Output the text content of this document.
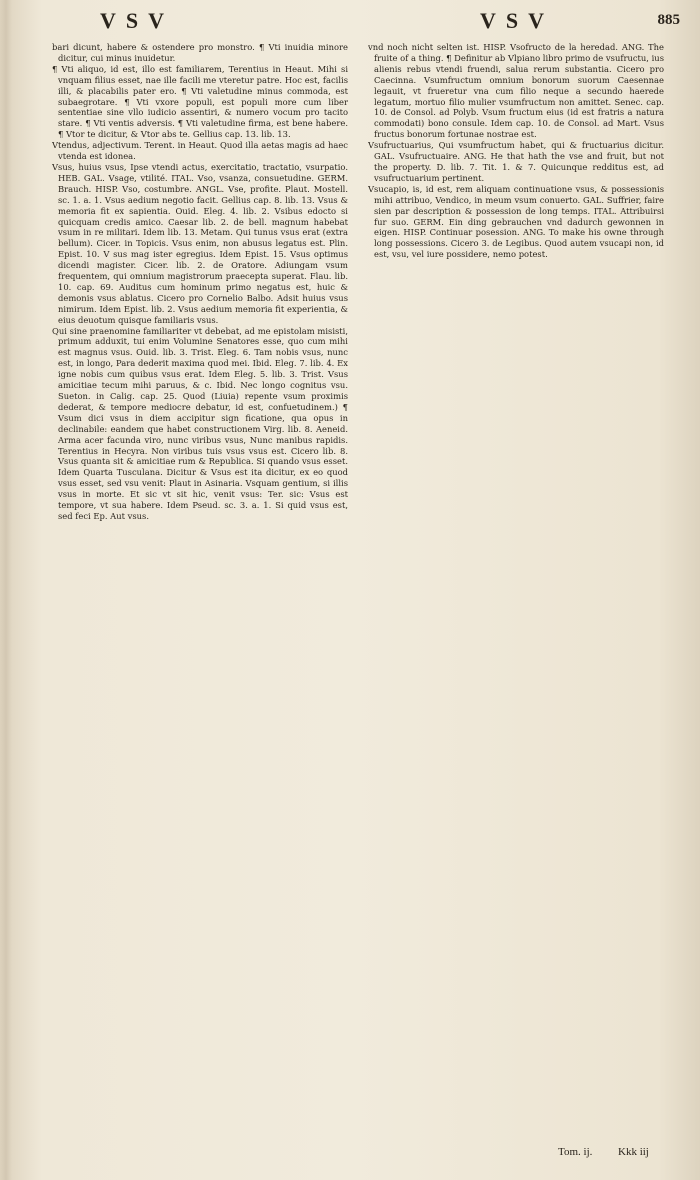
VSV	VSV	885

bari dicunt, habere & ostendere pro monstro. ¶ Vti inuidia minore dicitur, cui minus inuidetur.

¶ Vti aliquo, id est, illo est familiarem, Terentius in Heaut. Mihi si vnquam filius esset, nae ille facili me vteretur patre. Hoc est, facilis illi, & placabilis pater ero. ¶ Vti valetudine minus commoda, est subaegrotare. ¶ Vti vxore populi, est populi more cum liber sententiae sine vllo iudicio assentiri, & numero vocum pro tacito stare. ¶ Vti ventis adversis. ¶ Vti valetudine firma, est bene habere. ¶ Vtor te dicitur, & Vtor abs te. Gellius cap. 13. lib. 13.

Vtendus, adjectivum. Terent. in Heaut. Quod illa aetas magis ad haec vtenda est idonea.

Vsus, huius vsus, Ipse vtendi actus, exercitatio, tractatio, vsurpatio. HEB. GAL. Vsage, vtilité. ITAL. Vso, vsanza, consuetudine. GERM. Brauch. HISP. Vso, costumbre. ANGL. Vse, profite. Plaut. Mostell. sc. 1. a. 1. Vsus aedium negotio facit. Gellius cap. 8. lib. 13. Vsus & memoria fit ex sapientia. Ouid. Eleg. 4. lib. 2. Vsibus edocto si quicquam credis amico. Caesar lib. 2. de bell. magnum habebat vsum in re militari. Idem lib. 13. Metam. Qui tunus vsus erat (extra bellum). Cicer. in Topicis. Vsus enim, non abusus legatus est. Plin. Epist. 10. V sus mag ister egregius. Idem Epist. 15. Vsus optimus dicendi magister. Cicer. lib. 2. de Oratore. Adiungam vsum frequentem, qui omnium magistrorum praecepta superat. Flau. lib. 10. cap. 69. Auditus cum hominum primo negatus est, huic & demonis vsus ablatus. Cicero pro Cornelio Balbo. Adsit huius vsus nimirum. Idem Epist. lib. 2. Vsus aedium memoria fit experientia, & eius deuotum quisque familiaris vsus.

Qui sine praenomine familiariter vt debebat, ad me epistolam misisti, primum adduxit, tui enim Volumine Senatores esse, quo cum mihi est magnus vsus. Ouid. lib. 3. Trist. Eleg. 6. Tam nobis vsus, nunc est, in longo, Para dederit maxima quod mei. Ibid. Eleg. 7. lib. 4. Ex igne nobis cum quibus vsus erat. Idem Eleg. 5. lib. 3. Trist. Vsus amicitiae tecum mihi paruus, & c. Ibid. Nec longo cognitus vsu. Sueton. in Calig. cap. 25. Quod (Liuia) repente vsum proximis dederat, & tempore mediocre debatur, id est, confuetudinem.) ¶ Vsum dici vsus in diem accipitur sign ficatione, qua opus in declinabile: eandem que habet constructionem Virg. lib. 8. Aeneid. Arma acer facunda viro, nunc viribus vsus, Nunc manibus rapidis. Terentius in Hecyra. Non viribus tuis vsus vsus est. Cicero lib. 8. Vsus quanta sit & amicitiae rum & Republica. Si quando vsus esset. Idem Quarta Tusculana. Dicitur & Vsus est ita dicitur, ex eo quod vsus esset, sed vsu venit: Plaut in Asinaria. Vsquam gentium, si illis vsus in morte. Et sic vt sit hic, venit vsus: Ter. sic: Vsus est tempore, vt sua habere. Idem Pseud. sc. 3. a. 1. Si quid vsus est, sed feci Ep. Aut vsus.

vnd noch nicht selten ist. HISP. Vsofructo de la heredad. ANG. The fruite of a thing. ¶ Definitur ab Vlpiano libro primo de vsufructu, ius alienis rebus vtendi fruendi, salua rerum substantia. Cicero pro Caecinna. Vsumfructum omnium bonorum suorum Caesennae legauit, vt frueretur vna cum filio neque a secundo haerede legatum, mortuo filio mulier vsumfructum non amittet. Senec. cap. 10. de Consol. ad Polyb. Vsum fructum eius (id est fratris a natura commodati) bono consule. Idem cap. 10. de Consol. ad Mart. Vsus fructus bonorum fortunae nostrae est.

Vsufructuarius, Qui vsumfructum habet, qui & fructuarius dicitur. GAL. Vsufructuaire. ANG. He that hath the vse and fruit, but not the property. D. lib. 7. Tit. 1. & 7. Quicunque redditus est, ad vsufructuarium pertinent.

Vsucapio, is, id est, rem aliquam continuatione vsus, & possessionis mihi attribuo, Vendico, in meum vsum conuerto. GAL. Suffrier, faire sien par description & possession de long temps. ITAL. Attribuirsi fur suo. GERM. Ein ding gebrauchen vnd dadurch gewonnen in eigen. HISP. Continuar posession. ANG. To make his owne through long possessions. Cicero 3. de Legibus. Quod autem vsucapi non, id est, vsu, vel iure possidere, nemo potest.

Tom. ij. Kkk iij
